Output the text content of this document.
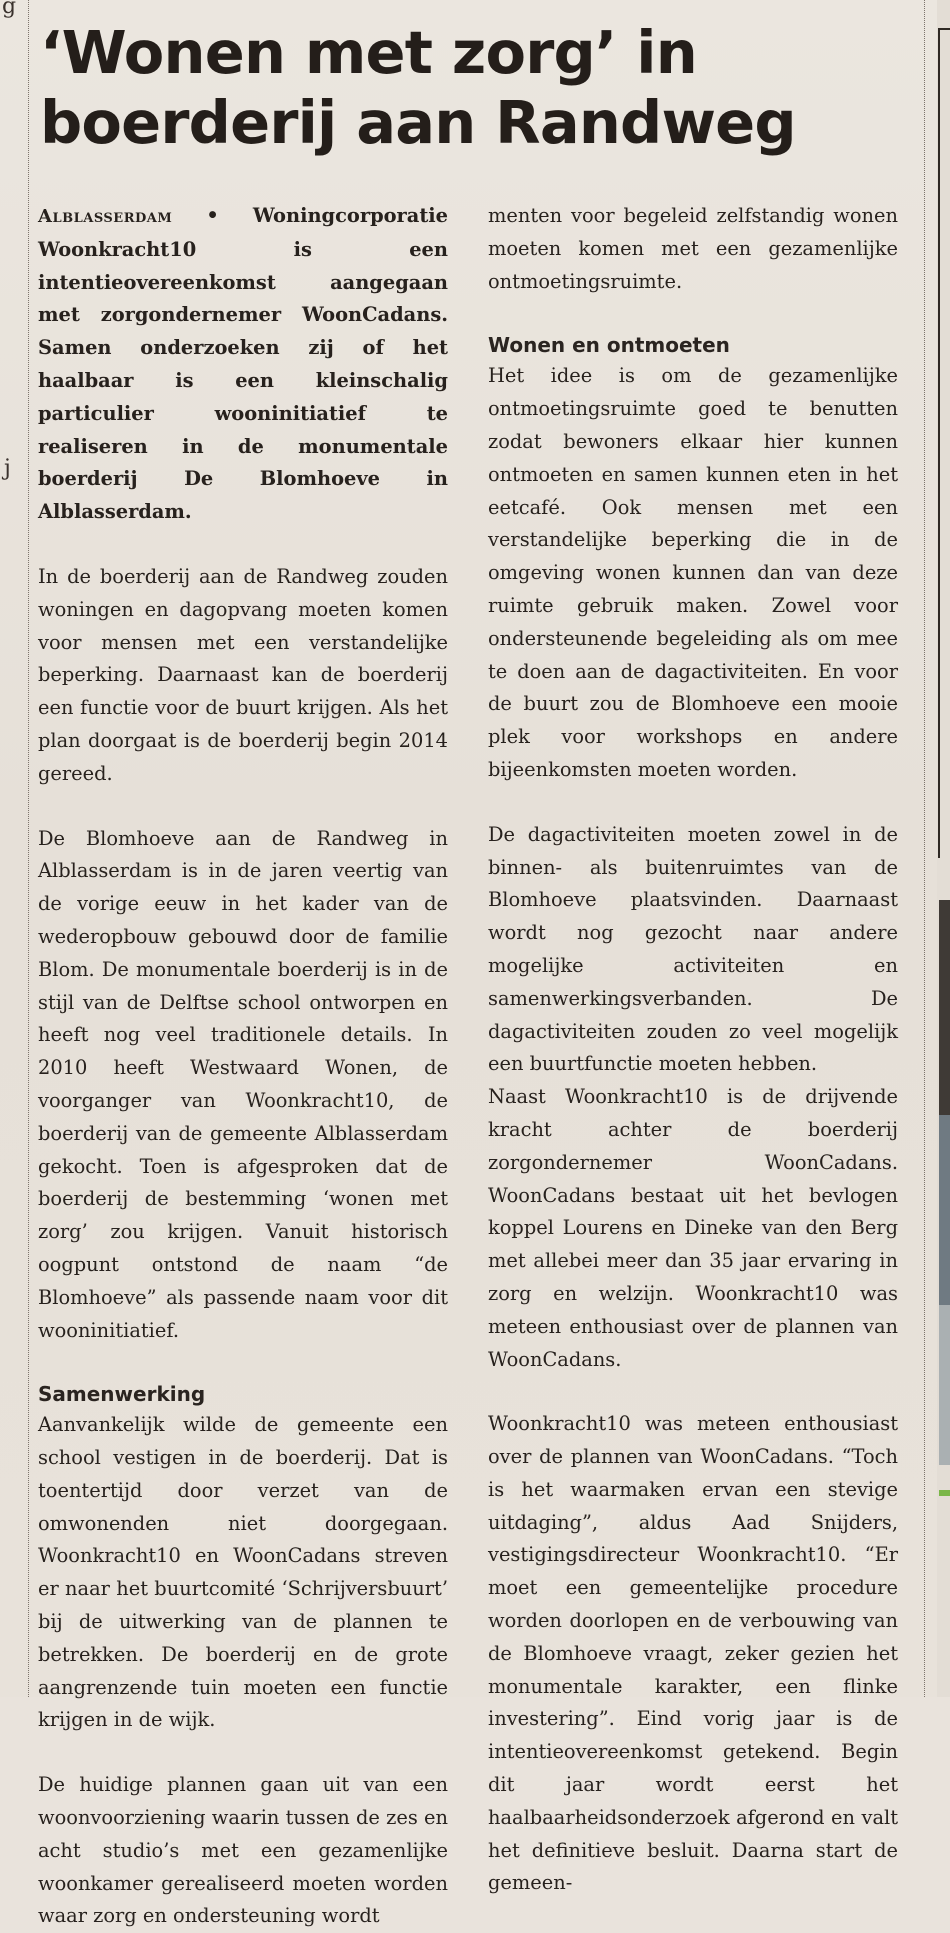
g
j
‘Wonen met zorg’ in boerderij aan Randweg

Alblasserdam • Woningcorporatie Woonkracht10 is een intentieovereenkomst aangegaan met zorgondernemer WoonCadans. Samen onderzoeken zij of het haalbaar is een kleinschalig particulier wooninitiatief te realiseren in de monumentale boerderij De Blomhoeve in Alblasserdam.

In de boerderij aan de Randweg zouden woningen en dagopvang moeten komen voor mensen met een verstandelijke beperking. Daarnaast kan de boerderij een functie voor de buurt krijgen. Als het plan doorgaat is de boerderij begin 2014 gereed.

De Blomhoeve aan de Randweg in Alblasserdam is in de jaren veertig van de vorige eeuw in het kader van de wederopbouw gebouwd door de familie Blom. De monumentale boerderij is in de stijl van de Delftse school ontworpen en heeft nog veel traditionele details. In 2010 heeft Westwaard Wonen, de voorganger van Woonkracht10, de boerderij van de gemeente Alblasserdam gekocht. Toen is afgesproken dat de boerderij de bestemming ‘wonen met zorg’ zou krijgen. Vanuit historisch oogpunt ontstond de naam “de Blomhoeve” als passende naam voor dit wooninitiatief.

Samenwerking

Aanvankelijk wilde de gemeente een school vestigen in de boerderij. Dat is toentertijd door verzet van de omwonenden niet doorgegaan. Woonkracht10 en WoonCadans streven er naar het buurtcomité ‘Schrijversbuurt’ bij de uitwerking van de plannen te betrekken. De boerderij en de grote aangrenzende tuin moeten een functie krijgen in de wijk.

De huidige plannen gaan uit van een woonvoorziening waarin tussen de zes en acht studio’s met een gezamenlijke woonkamer gerealiseerd moeten worden waar zorg en ondersteuning wordt

menten voor begeleid zelfstandig wonen moeten komen met een gezamenlijke ontmoetingsruimte.

Wonen en ontmoeten

Het idee is om de gezamenlijke ontmoetingsruimte goed te benutten zodat bewoners elkaar hier kunnen ontmoeten en samen kunnen eten in het eetcafé. Ook mensen met een verstandelijke beperking die in de omgeving wonen kunnen dan van deze ruimte gebruik maken. Zowel voor ondersteunende begeleiding als om mee te doen aan de dagactiviteiten. En voor de buurt zou de Blomhoeve een mooie plek voor workshops en andere bijeenkomsten moeten worden.

De dagactiviteiten moeten zowel in de binnen- als buitenruimtes van de Blomhoeve plaatsvinden. Daarnaast wordt nog gezocht naar andere mogelijke activiteiten en samenwerkingsverbanden. De dagactiviteiten zouden zo veel mogelijk een buurtfunctie moeten hebben.

Naast Woonkracht10 is de drijvende kracht achter de boerderij zorgondernemer WoonCadans. WoonCadans bestaat uit het bevlogen koppel Lourens en Dineke van den Berg met allebei meer dan 35 jaar ervaring in zorg en welzijn. Woonkracht10 was meteen enthousiast over de plannen van WoonCadans.

Woonkracht10 was meteen enthousiast over de plannen van WoonCadans. “Toch is het waarmaken ervan een stevige uitdaging”, aldus Aad Snijders, vestigingsdirecteur Woonkracht10. “Er moet een gemeentelijke procedure worden doorlopen en de verbouwing van de Blomhoeve vraagt, zeker gezien het monumentale karakter, een flinke investering”. Eind vorig jaar is de intentieovereenkomst getekend. Begin dit jaar wordt eerst het haalbaarheidsonderzoek afgerond en valt het definitieve besluit. Daarna start de gemeen-
